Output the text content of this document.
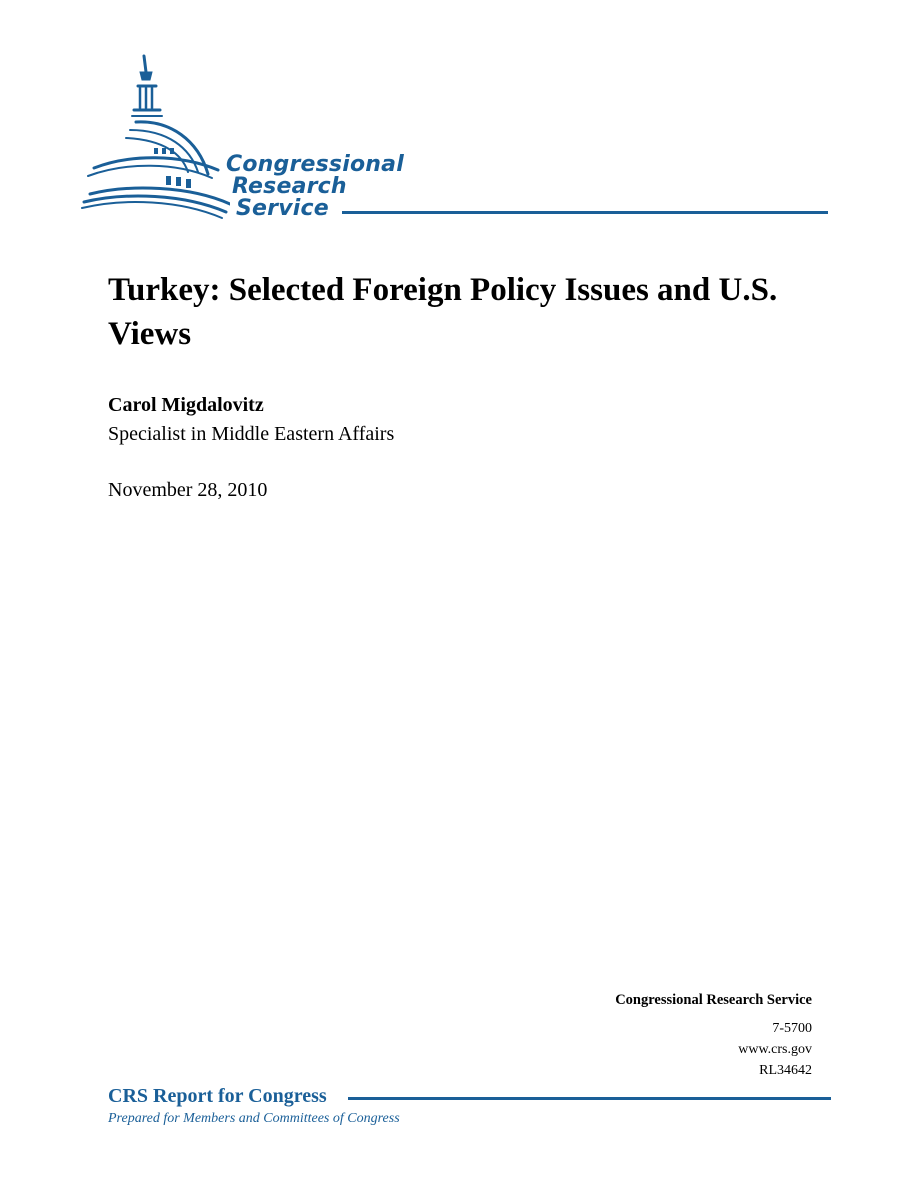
Congressional
Research
Service
Turkey: Selected Foreign Policy Issues and U.S. Views
Carol Migdalovitz
Specialist in Middle Eastern Affairs
November 28, 2010
Congressional Research Service
7-5700
www.crs.gov
RL34642
CRS Report for Congress
Prepared for Members and Committees of Congress
